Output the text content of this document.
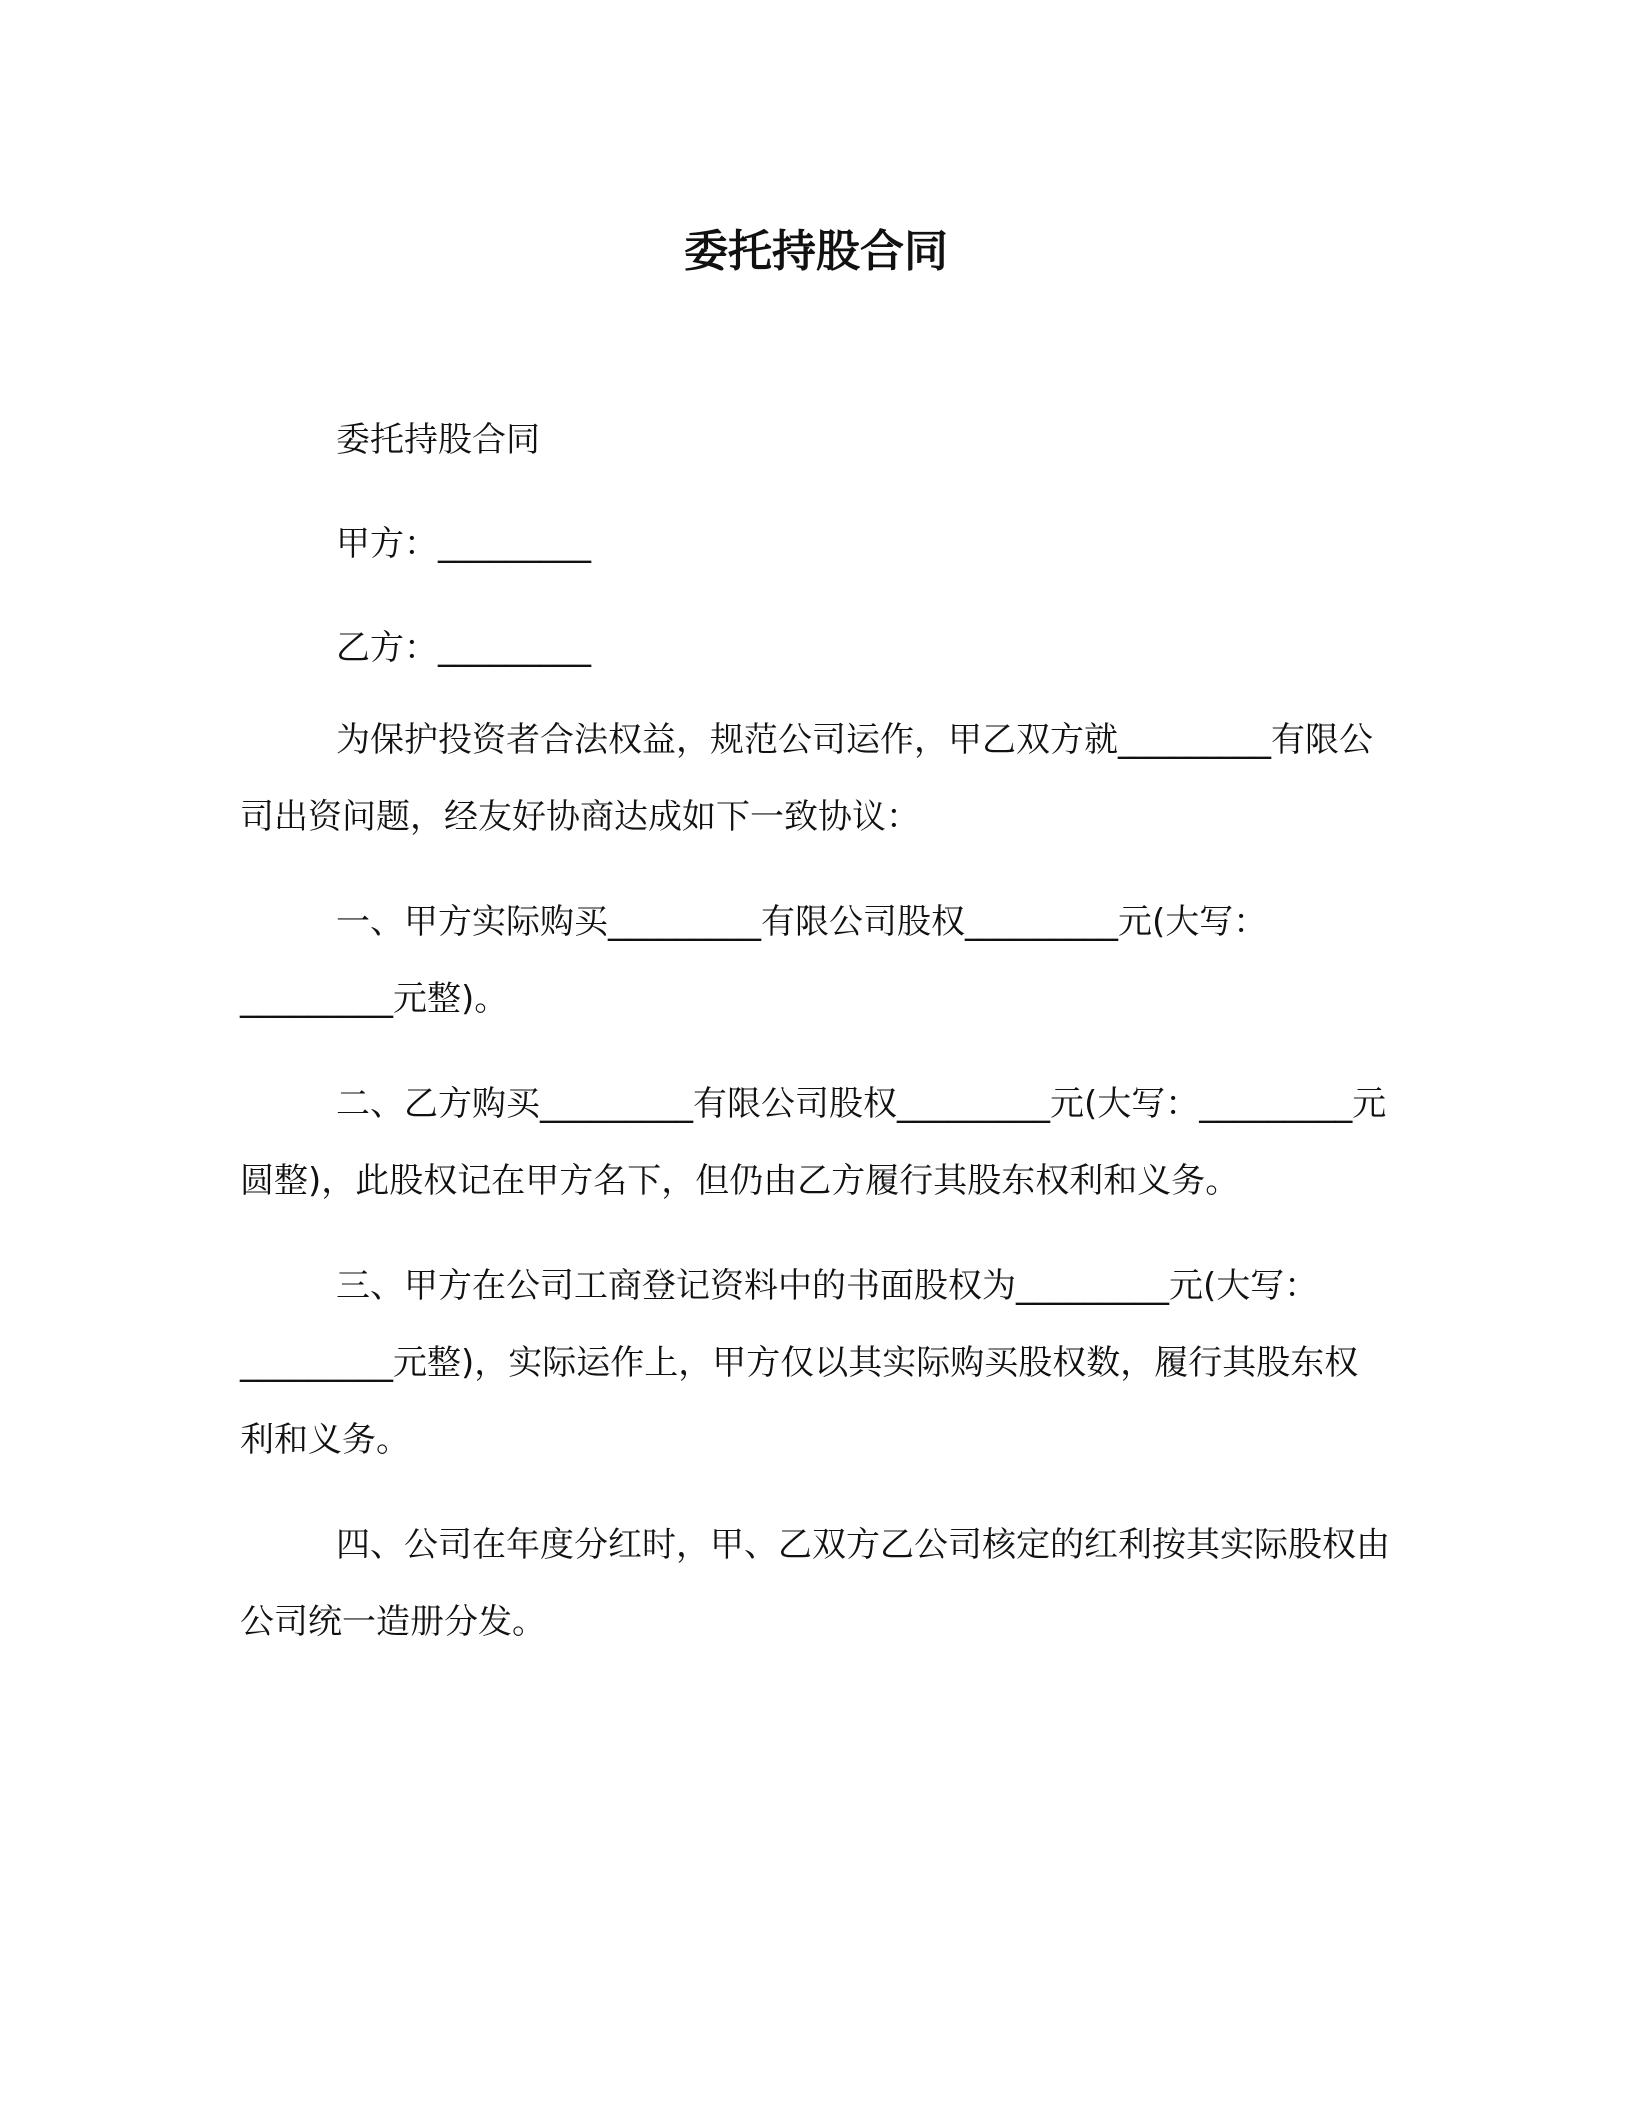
委托持股合同

委托持股合同

甲方：_________

乙方：_________

为保护投资者合法权益，规范公司运作，甲乙双方就_________有限公司出资问题，经友好协商达成如下一致协议：

一、甲方实际购买_________有限公司股权_________元(大写：_________元整)。

二、乙方购买_________有限公司股权_________元(大写：_________元圆整)，此股权记在甲方名下，但仍由乙方履行其股东权利和义务。

三、甲方在公司工商登记资料中的书面股权为_________元(大写：_________元整)，实际运作上，甲方仅以其实际购买股权数，履行其股东权利和义务。

四、公司在年度分红时，甲、乙双方乙公司核定的红利按其实际股权由公司统一造册分发。
